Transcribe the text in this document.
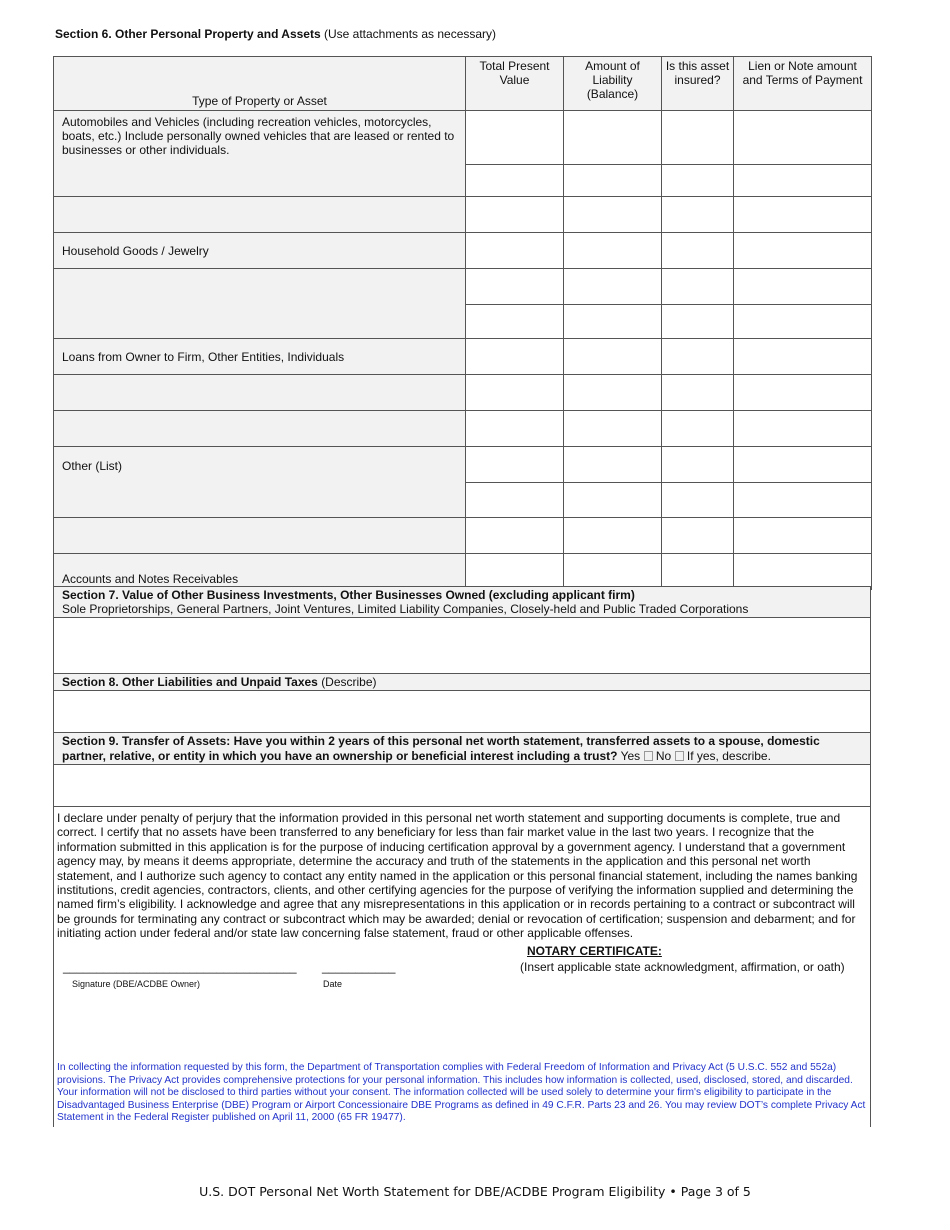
Section 6. Other Personal Property and Assets (Use attachments as necessary)
Type of Property or Asset	Total Present Value	Amount of Liability (Balance)	Is this asset insured?	Lien or Note amount and Terms of Payment
Automobiles and Vehicles (including recreation vehicles, motorcycles, boats, etc.) Include personally owned vehicles that are leased or rented to businesses or other individuals.				

Household Goods / Jewelry				

Loans from Owner to Firm, Other Entities, Individuals				

Other (List)				

Accounts and Notes Receivables				
Section 7. Value of Other Business Investments, Other Businesses Owned (excluding applicant firm)
Sole Proprietorships, General Partners, Joint Ventures, Limited Liability Companies, Closely-held and Public Traded Corporations
Section 8. Other Liabilities and Unpaid Taxes (Describe)
Section 9. Transfer of Assets: Have you within 2 years of this personal net worth statement, transferred assets to a spouse, domestic partner, relative, or entity in which you have an ownership or beneficial interest including a trust? Yes No If yes, describe.
I declare under penalty of perjury that the information provided in this personal net worth statement and supporting documents is complete, true and correct. I certify that no assets have been transferred to any beneficiary for less than fair market value in the last two years. I recognize that the information submitted in this application is for the purpose of inducing certification approval by a government agency. I understand that a government agency may, by means it deems appropriate, determine the accuracy and truth of the statements in the application and this personal net worth statement, and I authorize such agency to contact any entity named in the application or this personal financial statement, including the names banking institutions, credit agencies, contractors, clients, and other certifying agencies for the purpose of verifying the information supplied and determining the named firm’s eligibility. I acknowledge and agree that any misrepresentations in this application or in records pertaining to a contract or subcontract will be grounds for terminating any contract or subcontract which may be awarded; denial or revocation of certification; suspension and debarment; and for initiating action under federal and/or state law concerning false statement, fraud or other applicable offenses.
NOTARY CERTIFICATE:
(Insert applicable state acknowledgment, affirmation, or oath)
___________________________________ ___________
Signature (DBE/ACDBE Owner)	Date
In collecting the information requested by this form, the Department of Transportation complies with Federal Freedom of Information and Privacy Act (5 U.S.C. 552 and 552a) provisions. The Privacy Act provides comprehensive protections for your personal information. This includes how information is collected, used, disclosed, stored, and discarded. Your information will not be disclosed to third parties without your consent. The information collected will be used solely to determine your firm's eligibility to participate in the Disadvantaged Business Enterprise (DBE) Program or Airport Concessionaire DBE Programs as defined in 49 C.F.R. Parts 23 and 26. You may review DOT’s complete Privacy Act Statement in the Federal Register published on April 11, 2000 (65 FR 19477).
U.S. DOT Personal Net Worth Statement for DBE/ACDBE Program Eligibility • Page 3 of 5
